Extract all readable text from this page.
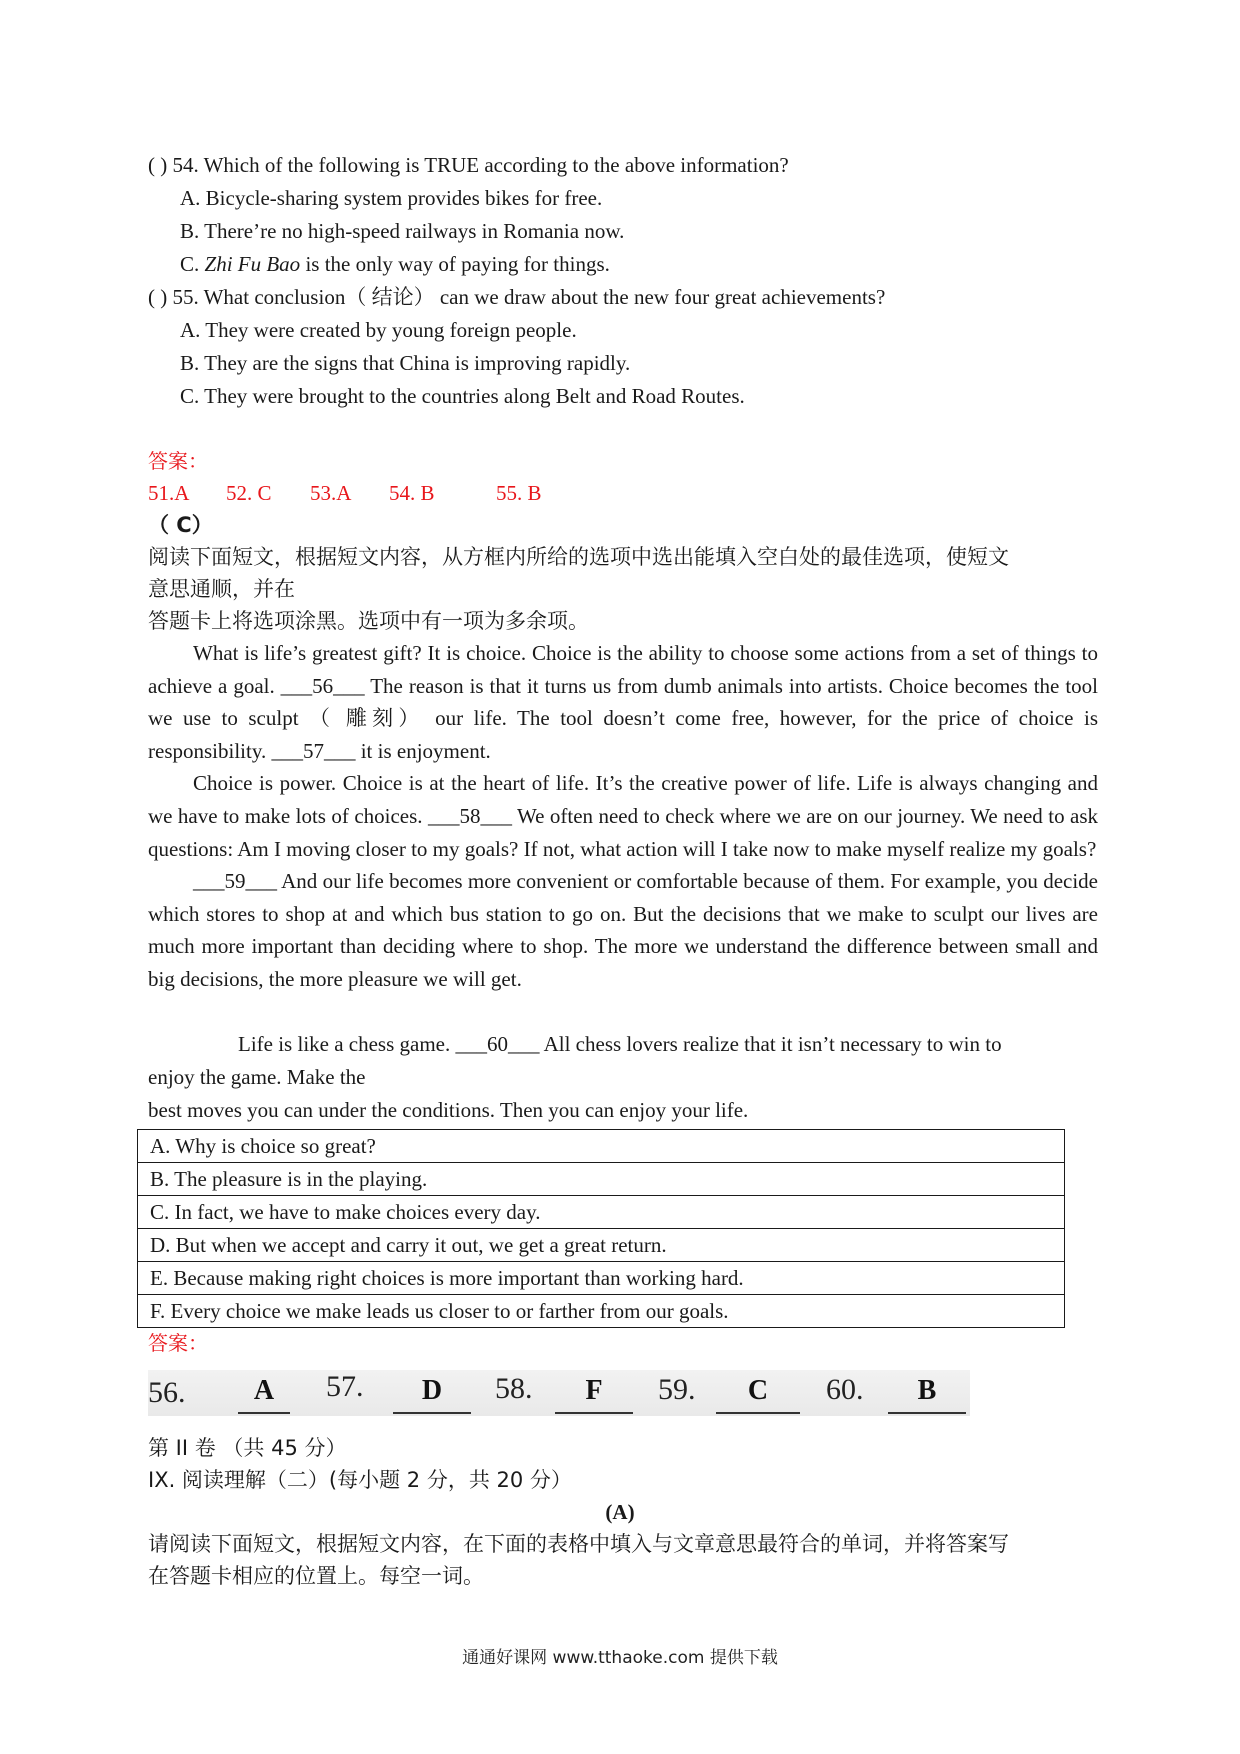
( ) 54. Which of the following is TRUE according to the above information?
A. Bicycle-sharing system provides bikes for free.
B. There’re no high-speed railways in Romania now.
C. Zhi Fu Bao is the only way of paying for things.
( ) 55. What conclusion（ 结论） can we draw about the new four great achievements?
A. They were created by young foreign people.
B. They are the signs that China is improving rapidly.
C. They were brought to the countries along Belt and Road Routes.
答案：
51.A 52. C 53.A 54. B	55. B
（ C）
阅读下面短文，根据短文内容，从方框内所给的选项中选出能填入空白处的最佳选项，使短文
意思通顺，并在
答题卡上将选项涂黑。选项中有一项为多余项。

What is life’s greatest gift? It is choice. Choice is the ability to choose some actions from a set of things to achieve a goal. ___56___ The reason is that it turns us from dumb animals into artists. Choice becomes the tool we use to sculpt （ 雕刻） our life. The tool doesn’t come free, however, for the price of choice is responsibility. ___57___ it is enjoyment.

Choice is power. Choice is at the heart of life. It’s the creative power of life. Life is always changing and we have to make lots of choices. ___58___ We often need to check where we are on our journey. We need to ask questions: Am I moving closer to my goals? If not, what action will I take now to make myself realize my goals?

___59___ And our life becomes more convenient or comfortable because of them. For example, you decide which stores to shop at and which bus station to go on. But the decisions that we make to sculpt our lives are much more important than deciding where to shop. The more we understand the difference between small and big decisions, the more pleasure we will get.

Life is like a chess game. ___60___ All chess lovers realize that it isn’t necessary to win to
enjoy the game. Make the
best moves you can under the conditions. Then you can enjoy your life.
A. Why is choice so great?
B. The pleasure is in the playing.
C. In fact, we have to make choices every day.
D. But when we accept and carry it out, we get a great return.
E. Because making right choices is more important than working hard.
F. Every choice we make leads us closer to or farther from our goals.
答案：
56.	A	57.	D	58.	F	59.	C	60.	B
第 II 卷 （共 45 分）
IX. 阅读理解（二）(每小题 2 分，共 20 分）
(A)
请阅读下面短文，根据短文内容，在下面的表格中填入与文章意思最符合的单词，并将答案写
在答题卡相应的位置上。每空一词。
通通好课网 www.tthaoke.com 提供下载
